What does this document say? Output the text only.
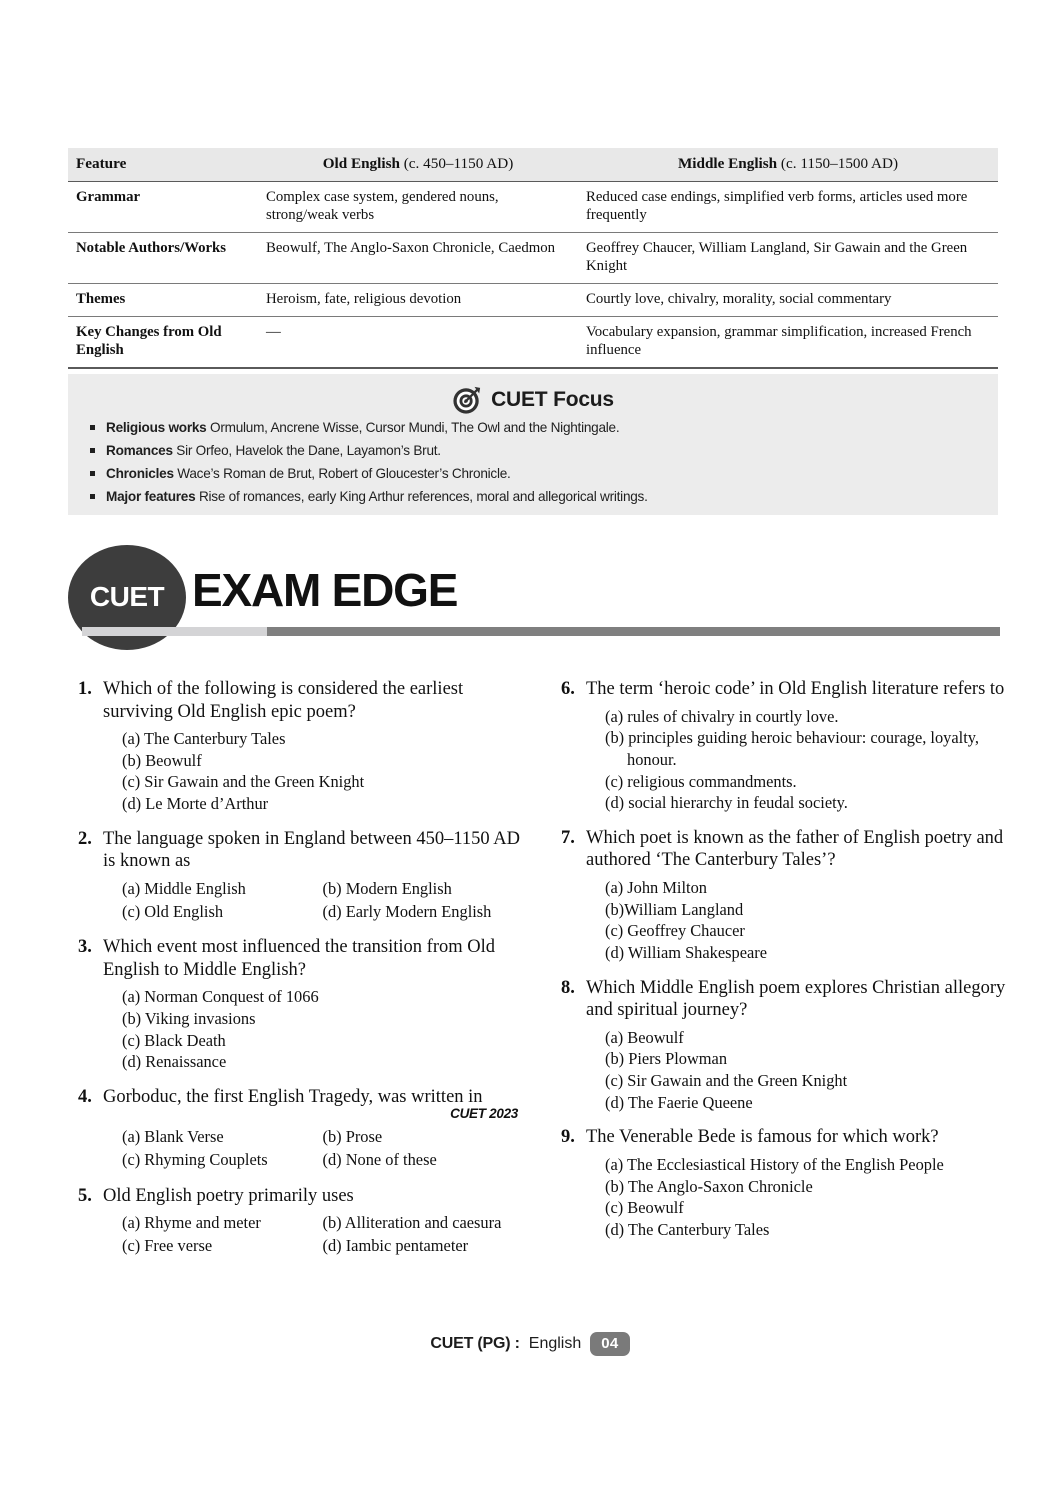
Feature	Old English (c. 450–1150 AD)	Middle English (c. 1150–1500 AD)
Grammar	Complex case system, gendered nouns, strong/weak verbs	Reduced case endings, simplified verb forms, articles used more frequently
Notable Authors/Works	Beowulf, The Anglo-Saxon Chronicle, Caedmon	Geoffrey Chaucer, William Langland, Sir Gawain and the Green Knight
Themes	Heroism, fate, religious devotion	Courtly love, chivalry, morality, social commentary
Key Changes from Old English	—	Vocabulary expansion, grammar simplification, increased French influence
CUET Focus
Religious works Ormulum, Ancrene Wisse, Cursor Mundi, The Owl and the Nightingale.
Romances Sir Orfeo, Havelok the Dane, Layamon’s Brut.
Chronicles Wace’s Roman de Brut, Robert of Gloucester’s Chronicle.
Major features Rise of romances, early King Arthur references, moral and allegorical writings.
CUET EXAM EDGE
1. Which of the following is considered the earliest surviving Old English epic poem?
(a) The Canterbury Tales
(b) Beowulf
(c) Sir Gawain and the Green Knight
(d) Le Morte d’Arthur
2. The language spoken in England between 450–1150 AD is known as
(a) Middle English	(b) Modern English
(c) Old English	(d) Early Modern English
3. Which event most influenced the transition from Old English to Middle English?
(a) Norman Conquest of 1066
(b) Viking invasions
(c) Black Death
(d) Renaissance
4. Gorboduc, the first English Tragedy, was written in
CUET 2023
(a) Blank Verse	(b) Prose
(c) Rhyming Couplets	(d) None of these
5. Old English poetry primarily uses
(a) Rhyme and meter	(b) Alliteration and caesura
(c) Free verse	(d) Iambic pentameter
6. The term ‘heroic code’ in Old English literature refers to
(a) rules of chivalry in courtly love.
(b) principles guiding heroic behaviour: courage, loyalty, honour.
(c) religious commandments.
(d) social hierarchy in feudal society.
7. Which poet is known as the father of English poetry and authored ‘The Canterbury Tales’?
(a) John Milton
(b)William Langland
(c) Geoffrey Chaucer
(d) William Shakespeare
8. Which Middle English poem explores Christian allegory and spiritual journey?
(a) Beowulf
(b) Piers Plowman
(c) Sir Gawain and the Green Knight
(d) The Faerie Queene
9. The Venerable Bede is famous for which work?
(a) The Ecclesiastical History of the English People
(b) The Anglo-Saxon Chronicle
(c) Beowulf
(d) The Canterbury Tales
CUET (PG) : English	04
